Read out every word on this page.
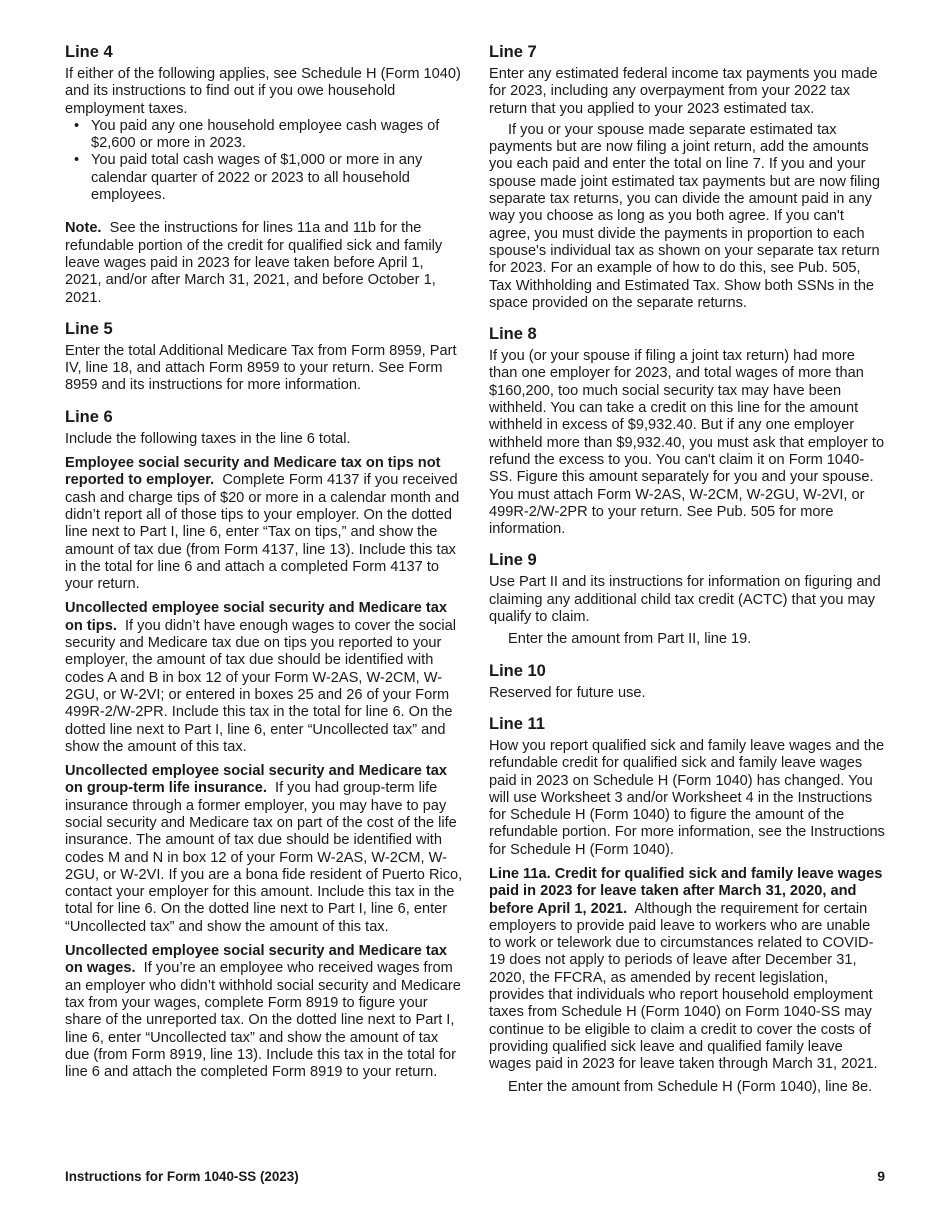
Line 4

If either of the following applies, see Schedule H (Form 1040) and its instructions to find out if you owe household employment taxes.

• You paid any one household employee cash wages of $2,600 or more in 2023.
• You paid total cash wages of $1,000 or more in any calendar quarter of 2022 or 2023 to all household employees.

Note. See the instructions for lines 11a and 11b for the refundable portion of the credit for qualified sick and family leave wages paid in 2023 for leave taken before April 1, 2021, and/or after March 31, 2021, and before October 1, 2021.

Line 5

Enter the total Additional Medicare Tax from Form 8959, Part IV, line 18, and attach Form 8959 to your return. See Form 8959 and its instructions for more information.

Line 6

Include the following taxes in the line 6 total.

Employee social security and Medicare tax on tips not reported to employer. Complete Form 4137 if you received cash and charge tips of $20 or more in a calendar month and didn’t report all of those tips to your employer. On the dotted line next to Part I, line 6, enter “Tax on tips,” and show the amount of tax due (from Form 4137, line 13). Include this tax in the total for line 6 and attach a completed Form 4137 to your return.

Uncollected employee social security and Medicare tax on tips. If you didn’t have enough wages to cover the social security and Medicare tax due on tips you reported to your employer, the amount of tax due should be identified with codes A and B in box 12 of your Form W-2AS, W-2CM, W-2GU, or W-2VI; or entered in boxes 25 and 26 of your Form 499R-2/W-2PR. Include this tax in the total for line 6. On the dotted line next to Part I, line 6, enter “Uncollected tax” and show the amount of this tax.

Uncollected employee social security and Medicare tax on group-term life insurance. If you had group-term life insurance through a former employer, you may have to pay social security and Medicare tax on part of the cost of the life insurance. The amount of tax due should be identified with codes M and N in box 12 of your Form W-2AS, W-2CM, W-2GU, or W-2VI. If you are a bona fide resident of Puerto Rico, contact your employer for this amount. Include this tax in the total for line 6. On the dotted line next to Part I, line 6, enter “Uncollected tax” and show the amount of this tax.

Uncollected employee social security and Medicare tax on wages. If you’re an employee who received wages from an employer who didn’t withhold social security and Medicare tax from your wages, complete Form 8919 to figure your share of the unreported tax. On the dotted line next to Part I, line 6, enter “Uncollected tax” and show the amount of tax due (from Form 8919, line 13). Include this tax in the total for line 6 and attach the completed Form 8919 to your return.

Line 7

Enter any estimated federal income tax payments you made for 2023, including any overpayment from your 2022 tax return that you applied to your 2023 estimated tax.

If you or your spouse made separate estimated tax payments but are now filing a joint return, add the amounts you each paid and enter the total on line 7. If you and your spouse made joint estimated tax payments but are now filing separate tax returns, you can divide the amount paid in any way you choose as long as you both agree. If you can't agree, you must divide the payments in proportion to each spouse's individual tax as shown on your separate tax return for 2023. For an example of how to do this, see Pub. 505, Tax Withholding and Estimated Tax. Show both SSNs in the space provided on the separate returns.

Line 8

If you (or your spouse if filing a joint tax return) had more than one employer for 2023, and total wages of more than $160,200, too much social security tax may have been withheld. You can take a credit on this line for the amount withheld in excess of $9,932.40. But if any one employer withheld more than $9,932.40, you must ask that employer to refund the excess to you. You can't claim it on Form 1040-SS. Figure this amount separately for you and your spouse. You must attach Form W-2AS, W-2CM, W-2GU, W-2VI, or 499R-2/W-2PR to your return. See Pub. 505 for more information.

Line 9

Use Part II and its instructions for information on figuring and claiming any additional child tax credit (ACTC) that you may qualify to claim.

Enter the amount from Part II, line 19.

Line 10

Reserved for future use.

Line 11

How you report qualified sick and family leave wages and the refundable credit for qualified sick and family leave wages paid in 2023 on Schedule H (Form 1040) has changed. You will use Worksheet 3 and/or Worksheet 4 in the Instructions for Schedule H (Form 1040) to figure the amount of the refundable portion. For more information, see the Instructions for Schedule H (Form 1040).

Line 11a. Credit for qualified sick and family leave wages paid in 2023 for leave taken after March 31, 2020, and before April 1, 2021. Although the requirement for certain employers to provide paid leave to workers who are unable to work or telework due to circumstances related to COVID-19 does not apply to periods of leave after December 31, 2020, the FFCRA, as amended by recent legislation, provides that individuals who report household employment taxes from Schedule H (Form 1040) on Form 1040-SS may continue to be eligible to claim a credit to cover the costs of providing qualified sick leave and qualified family leave wages paid in 2023 for leave taken through March 31, 2021.

Enter the amount from Schedule H (Form 1040), line 8e.

Instructions for Form 1040-SS (2023)	9
